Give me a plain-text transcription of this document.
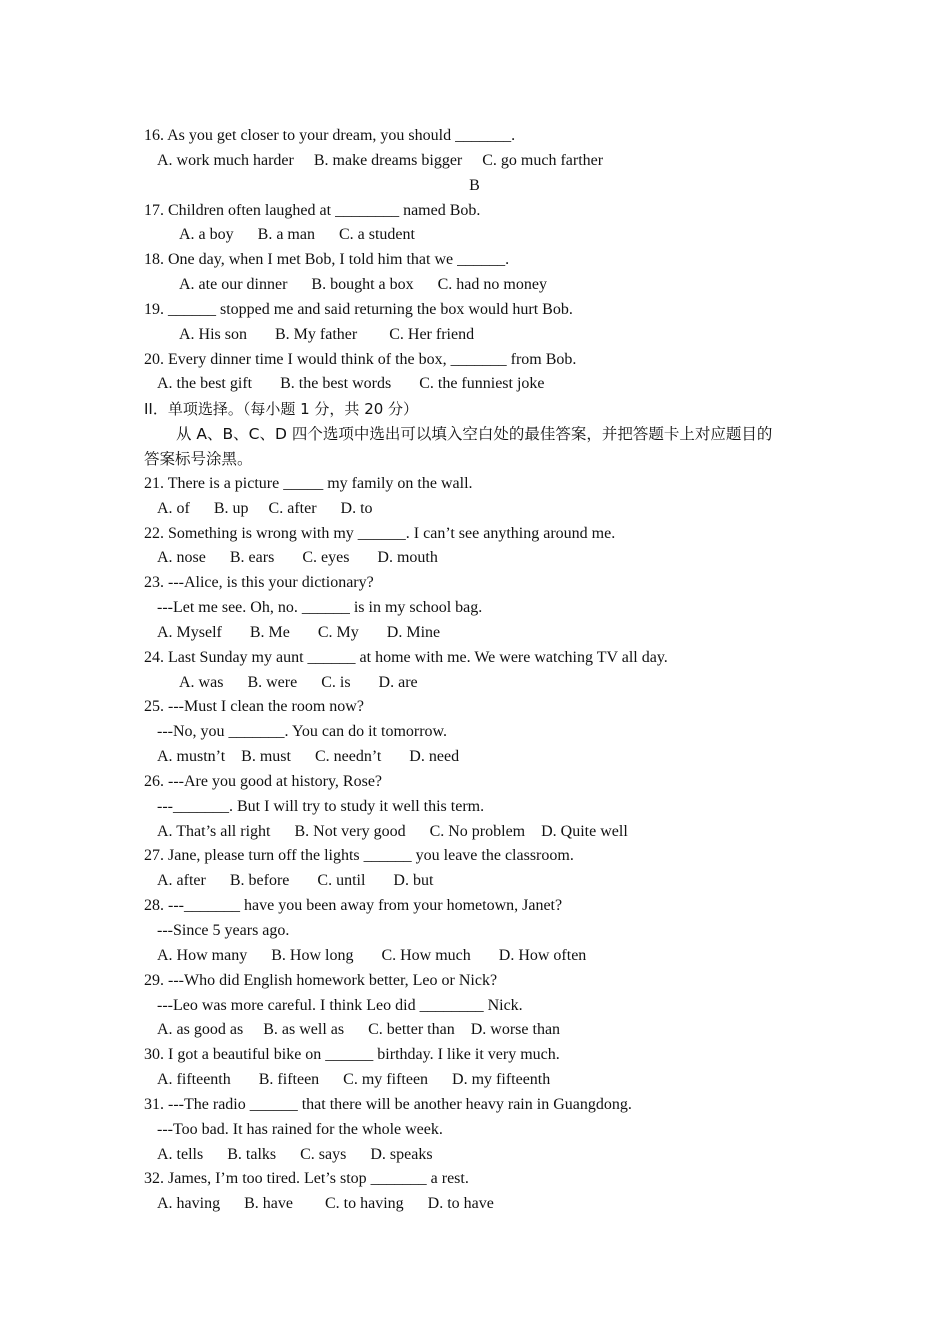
16. As you get closer to your dream, you should _______.
A. work much harder     B. make dreams bigger     C. go much farther
B
17. Children often laughed at ________ named Bob.
A. a boy      B. a man      C. a student
18. One day, when I met Bob, I told him that we ______.
A. ate our dinner      B. bought a box      C. had no money
19. ______ stopped me and said returning the box would hurt Bob.
A. His son       B. My father        C. Her friend
20. Every dinner time I would think of the box, _______ from Bob.
A. the best gift       B. the best words       C. the funniest joke
II．单项选择。（每小题 1 分，共 20 分）
从 A、B、C、D 四个选项中选出可以填入空白处的最佳答案，并把答题卡上对应题目的
答案标号涂黑。
21. There is a picture _____ my family on the wall.
A. of      B. up     C. after      D. to
22. Something is wrong with my ______. I can’t see anything around me.
A. nose      B. ears       C. eyes       D. mouth
23. ---Alice, is this your dictionary?
---Let me see. Oh, no. ______ is in my school bag.
A. Myself       B. Me       C. My       D. Mine
24. Last Sunday my aunt ______ at home with me. We were watching TV all day.
A. was      B. were      C. is       D. are
25. ---Must I clean the room now?
---No, you _______. You can do it tomorrow.
A. mustn’t    B. must      C. needn’t       D. need
26. ---Are you good at history, Rose?
---_______. But I will try to study it well this term.
A. That’s all right      B. Not very good      C. No problem    D. Quite well
27. Jane, please turn off the lights ______ you leave the classroom.
A. after      B. before       C. until       D. but
28. ---_______ have you been away from your hometown, Janet?
---Since 5 years ago.
A. How many      B. How long       C. How much       D. How often
29. ---Who did English homework better, Leo or Nick?
---Leo was more careful. I think Leo did ________ Nick.
A. as good as     B. as well as      C. better than    D. worse than
30. I got a beautiful bike on ______ birthday. I like it very much.
A. fifteenth       B. fifteen      C. my fifteen      D. my fifteenth
31. ---The radio ______ that there will be another heavy rain in Guangdong.
---Too bad. It has rained for the whole week.
A. tells      B. talks      C. says      D. speaks
32. James, I’m too tired. Let’s stop _______ a rest.
A. having      B. have        C. to having      D. to have
